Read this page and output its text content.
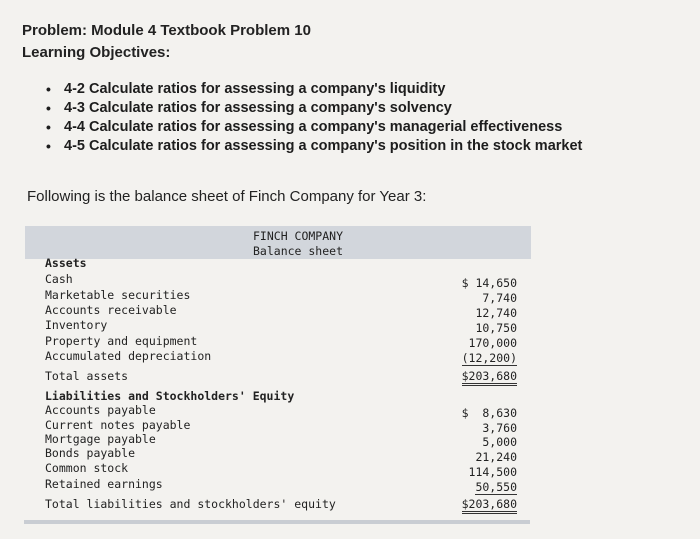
Problem: Module 4 Textbook Problem 10
Learning Objectives:
• 4-2 Calculate ratios for assessing a company's liquidity
• 4-3 Calculate ratios for assessing a company's solvency
• 4-4 Calculate ratios for assessing a company's managerial effectiveness
• 4-5 Calculate ratios for assessing a company's position in the stock market
Following is the balance sheet of Finch Company for Year 3:
FINCH COMPANY
Balance sheet
Assets
Cash	$ 14,650
Marketable securities	7,740
Accounts receivable	12,740
Inventory	10,750
Property and equipment	170,000
Accumulated depreciation	(12,200)
Total assets	$203,680
Liabilities and Stockholders' Equity
Accounts payable	$  8,630
Current notes payable	3,760
Mortgage payable	5,000
Bonds payable	21,240
Common stock	114,500
Retained earnings	50,550
Total liabilities and stockholders' equity	$203,680
